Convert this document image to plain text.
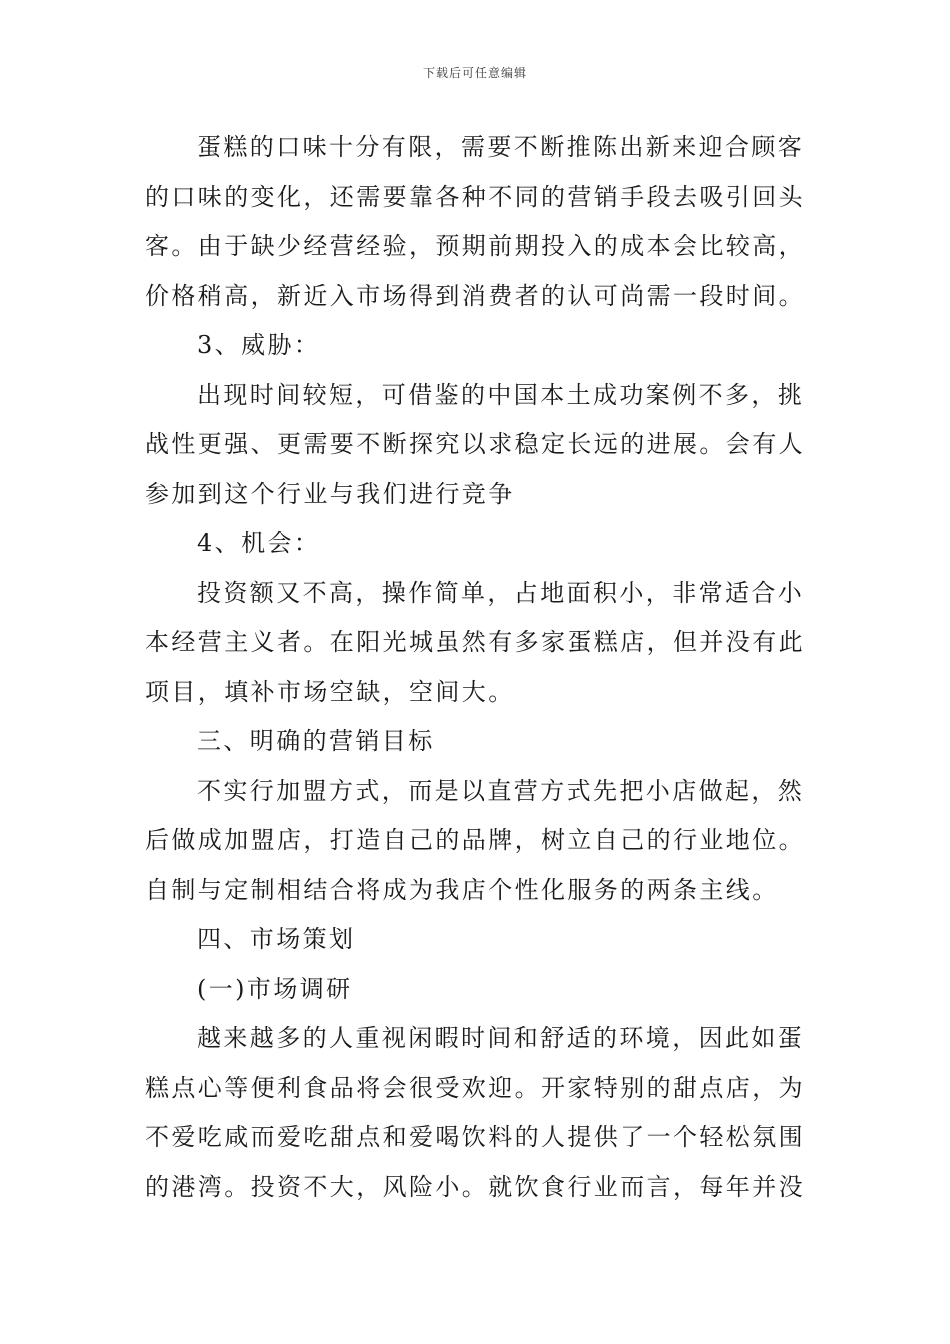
下载后可任意编辑

蛋糕的口味十分有限，需要不断推陈出新来迎合顾客的口味的变化，还需要靠各种不同的营销手段去吸引回头客。由于缺少经营经验，预期前期投入的成本会比较高，价格稍高，新近入市场得到消费者的认可尚需一段时间。

3、威胁：

出现时间较短，可借鉴的中国本土成功案例不多，挑战性更强、更需要不断探究以求稳定长远的进展。会有人参加到这个行业与我们进行竞争

4、机会：

投资额又不高，操作简单，占地面积小，非常适合小本经营主义者。在阳光城虽然有多家蛋糕店，但并没有此项目，填补市场空缺，空间大。

三、明确的营销目标

不实行加盟方式，而是以直营方式先把小店做起，然后做成加盟店，打造自己的品牌，树立自己的行业地位。自制与定制相结合将成为我店个性化服务的两条主线。

四、市场策划

(一)市场调研

越来越多的人重视闲暇时间和舒适的环境，因此如蛋糕点心等便利食品将会很受欢迎。开家特别的甜点店，为不爱吃咸而爱吃甜点和爱喝饮料的人提供了一个轻松氛围的港湾。投资不大，风险小。就饮食行业而言，每年并没
